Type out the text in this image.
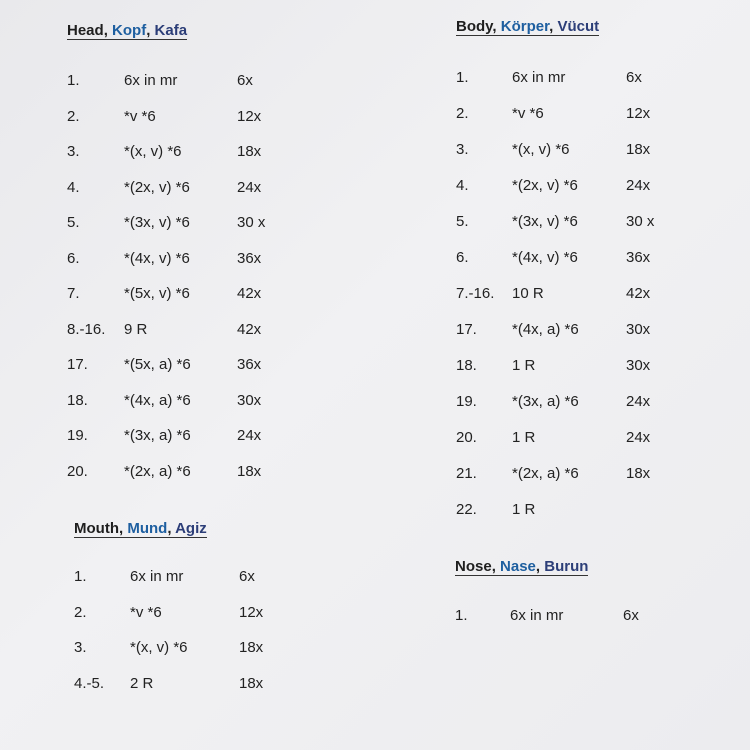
Head, Kopf, Kafa
1.	6x in mr	6x
2.	*v *6	12x
3.	*(x, v) *6	18x
4.	*(2x, v) *6	24x
5.	*(3x, v) *6	30 x
6.	*(4x, v) *6	36x
7.	*(5x, v) *6	42x
8.-16. 9 R	42x
17. *(5x, a) *6	36x
18. *(4x, a) *6	30x
19. *(3x, a) *6	24x
20. *(2x, a) *6	18x
Body, Körper, Vücut
1.	6x in mr	6x
2.	*v *6	12x
3.	*(x, v) *6	18x
4.	*(2x, v) *6	24x
5.	*(3x, v) *6	30 x
6.	*(4x, v) *6	36x
7.-16. 10 R	42x
17. *(4x, a) *6	30x
18. 1 R	30x
19. *(3x, a) *6	24x
20. 1 R	24x
21. *(2x, a) *6	18x
22. 1 R
Mouth, Mund, Agiz
1.	6x in mr	6x
2.	*v *6	12x
3.	*(x, v) *6	18x
4.-5. 2 R	18x
Nose, Nase, Burun
1.	6x in mr	6x
